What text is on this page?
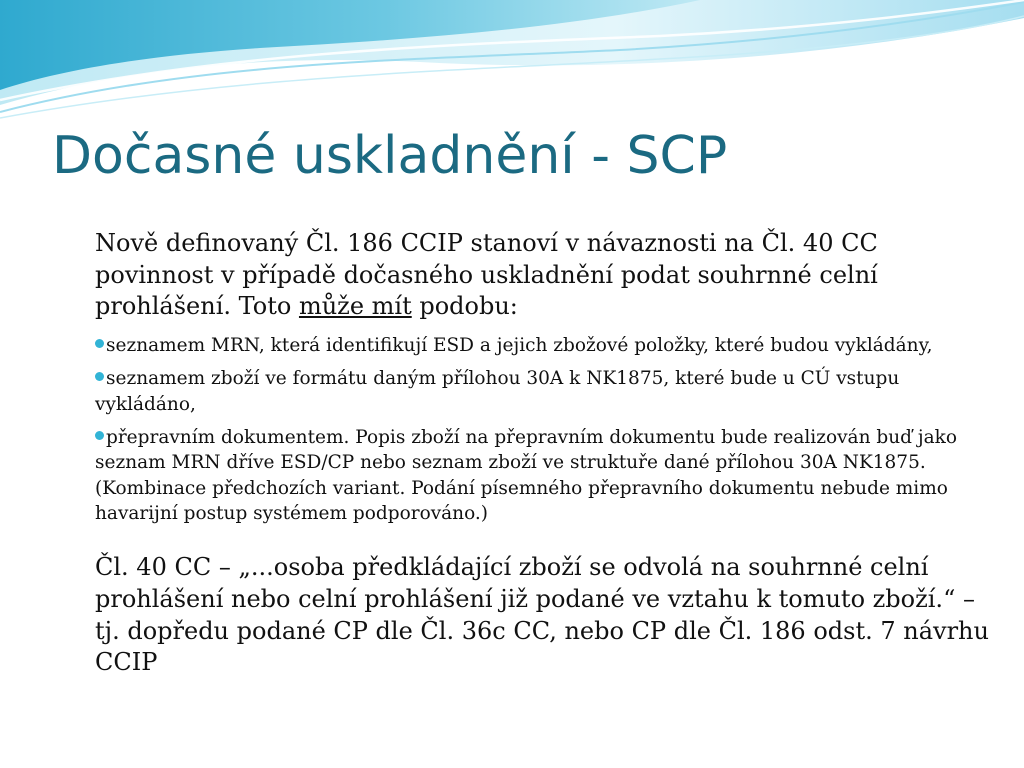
Dočasné uskladnění - SCP

Nově definovaný Čl. 186 CCIP stanoví v návaznosti na Čl. 40 CC povinnost v případě dočasného uskladnění podat souhrnné celní prohlášení. Toto může mít podobu:

seznamem MRN, která identifikují ESD a jejich zbožové položky, které budou vykládány,

seznamem zboží ve formátu daným přílohou 30A k NK1875, které bude u CÚ vstupu vykládáno,

přepravním dokumentem. Popis zboží na přepravním dokumentu bude realizován buď jako seznam MRN dříve ESD/CP nebo seznam zboží ve struktuře dané přílohou 30A NK1875. (Kombinace předchozích variant. Podání písemného přepravního dokumentu nebude mimo havarijní postup systémem podporováno.)

Čl. 40 CC – „...osoba předkládající zboží se odvolá na souhrnné celní prohlášení nebo celní prohlášení již podané ve vztahu k tomuto zboží.“ – tj. dopředu podané CP dle Čl. 36c CC, nebo CP dle Čl. 186 odst. 7 návrhu CCIP
